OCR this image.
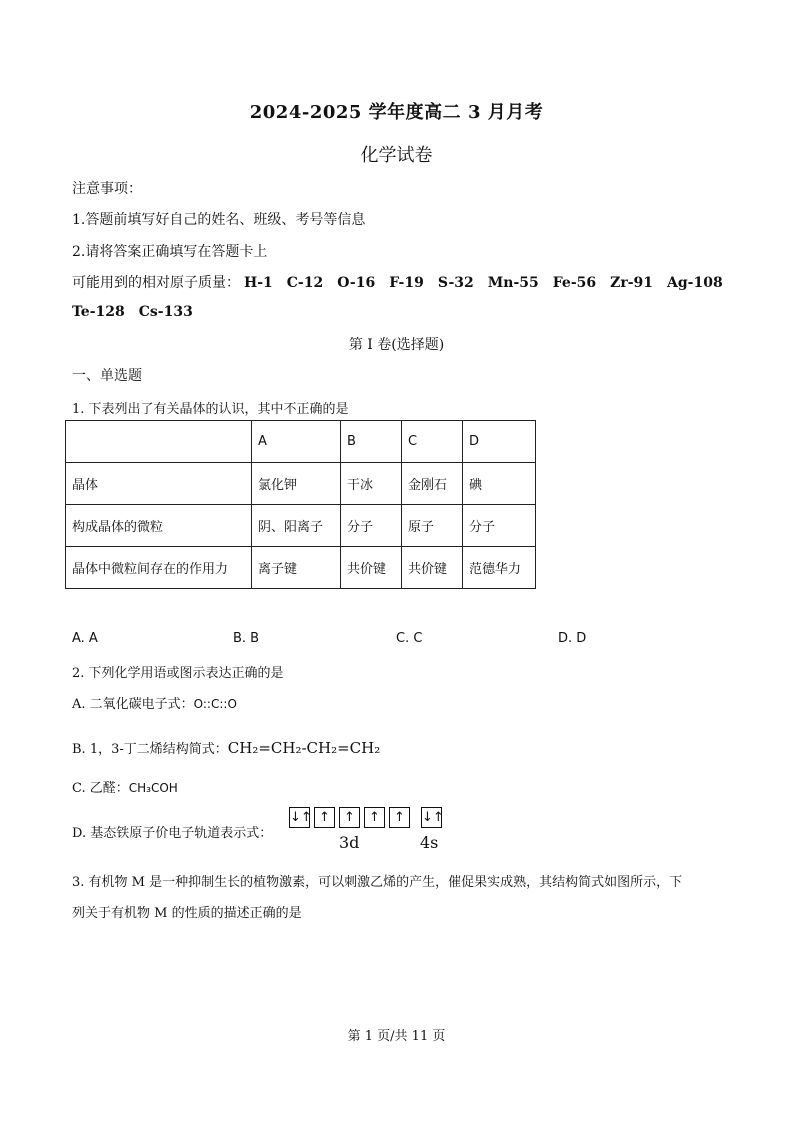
2024-2025 学年度高二 3 月月考
化学试卷
注意事项：
1.答题前填写好自己的姓名、班级、考号等信息
2.请将答案正确填写在答题卡上
可能用到的相对原子质量： H-1 C-12 O-16 F-19 S-32 Mn-55 Fe-56 Zr-91 Ag-108
Te-128 Cs-133
第 I 卷(选择题)
一、单选题
1. 下表列出了有关晶体的认识，其中不正确的是
	A	B	C	D
晶体	氯化钾	干冰	金刚石	碘
构成晶体的微粒	阴、阳离子	分子	原子	分子
晶体中微粒间存在的作用力	离子键	共价键	共价键	范德华力
A. A	B. B	C. C	D. D
2. 下列化学用语或图示表达正确的是
A. 二氧化碳电子式：O::C::O
B. 1，3-丁二烯结构简式：CH₂=CH₂-CH₂=CH₂
C. 乙醛：CH₃COH
D. 基态铁原子价电子轨道表示式：
↓↑ ↑	↑	↑	↑	↓↑
3d	4s
3. 有机物 M 是一种抑制生长的植物激素，可以刺激乙烯的产生，催促果实成熟，其结构简式如图所示，下
列关于有机物 M 的性质的描述正确的是
第 1 页/共 11 页
